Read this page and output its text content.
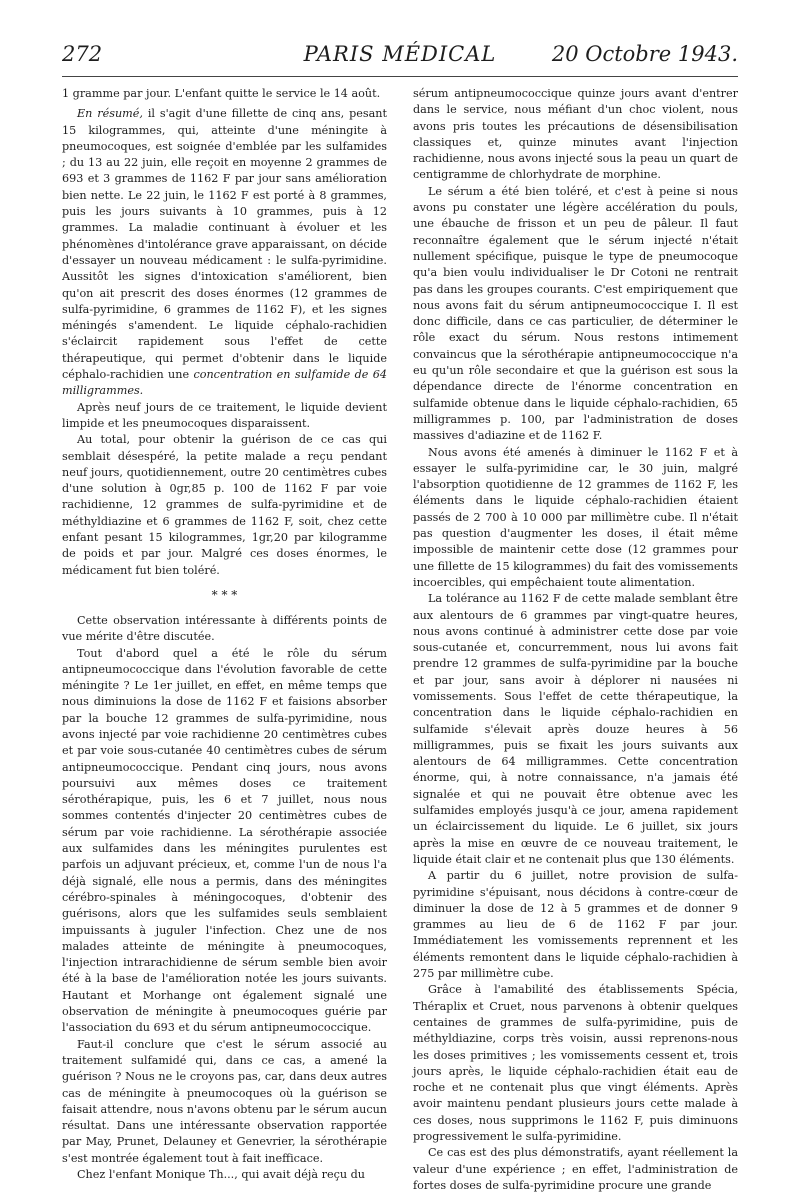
272	PARIS MÉDICAL	20 Octobre 1943.

1 gramme par jour. L'enfant quitte le service le 14 août.

En résumé, il s'agit d'une fillette de cinq ans, pesant 15 kilogrammes, qui, atteinte d'une méningite à pneumocoques, est soignée d'emblée par les sulfamides ; du 13 au 22 juin, elle reçoit en moyenne 2 grammes de 693 et 3 grammes de 1162 F par jour sans amélioration bien nette. Le 22 juin, le 1162 F est porté à 8 grammes, puis les jours suivants à 10 grammes, puis à 12 grammes. La maladie continuant à évoluer et les phénomènes d'intolérance grave apparaissant, on décide d'essayer un nouveau médicament : le sulfa-pyrimidine. Aussitôt les signes d'intoxication s'améliorent, bien qu'on ait prescrit des doses énormes (12 grammes de sulfa-pyrimidine, 6 grammes de 1162 F), et les signes méningés s'amendent. Le liquide céphalo-rachidien s'éclaircit rapidement sous l'effet de cette thérapeutique, qui permet d'obtenir dans le liquide céphalo-rachidien une concentration en sulfamide de 64 milligrammes.

Après neuf jours de ce traitement, le liquide devient limpide et les pneumocoques disparaissent.

Au total, pour obtenir la guérison de ce cas qui semblait désespéré, la petite malade a reçu pendant neuf jours, quotidiennement, outre 20 centimètres cubes d'une solution à 0gr,85 p. 100 de 1162 F par voie rachidienne, 12 grammes de sulfa-pyrimidine et de méthyldiazine et 6 grammes de 1162 F, soit, chez cette enfant pesant 15 kilogrammes, 1gr,20 par kilogramme de poids et par jour. Malgré ces doses énormes, le médicament fut bien toléré.

* * *

Cette observation intéressante à différents points de vue mérite d'être discutée.

Tout d'abord quel a été le rôle du sérum antipneumococcique dans l'évolution favorable de cette méningite ? Le 1er juillet, en effet, en même temps que nous diminuions la dose de 1162 F et faisions absorber par la bouche 12 grammes de sulfa-pyrimidine, nous avons injecté par voie rachidienne 20 centimètres cubes et par voie sous-cutanée 40 centimètres cubes de sérum antipneumococcique. Pendant cinq jours, nous avons poursuivi aux mêmes doses ce traitement sérothérapique, puis, les 6 et 7 juillet, nous nous sommes contentés d'injecter 20 centimètres cubes de sérum par voie rachidienne. La sérothérapie associée aux sulfamides dans les méningites purulentes est parfois un adjuvant précieux, et, comme l'un de nous l'a déjà signalé, elle nous a permis, dans des méningites cérébro-spinales à méningocoques, d'obtenir des guérisons, alors que les sulfamides seuls semblaient impuissants à juguler l'infection. Chez une de nos malades atteinte de méningite à pneumocoques, l'injection intrarachidienne de sérum semble bien avoir été à la base de l'amélioration notée les jours suivants. Hautant et Morhange ont également signalé une observation de méningite à pneumocoques guérie par l'association du 693 et du sérum antipneumococcique.

Faut-il conclure que c'est le sérum associé au traitement sulfamidé qui, dans ce cas, a amené la guérison ? Nous ne le croyons pas, car, dans deux autres cas de méningite à pneumocoques où la guérison se faisait attendre, nous n'avons obtenu par le sérum aucun résultat. Dans une intéressante observation rapportée par May, Prunet, Delauney et Genevrier, la sérothérapie s'est montrée également tout à fait inefficace.

Chez l'enfant Monique Th..., qui avait déjà reçu du

sérum antipneumococcique quinze jours avant d'entrer dans le service, nous méfiant d'un choc violent, nous avons pris toutes les précautions de désensibilisation classiques et, quinze minutes avant l'injection rachidienne, nous avons injecté sous la peau un quart de centigramme de chlorhydrate de morphine.

Le sérum a été bien toléré, et c'est à peine si nous avons pu constater une légère accélération du pouls, une ébauche de frisson et un peu de pâleur. Il faut reconnaître également que le sérum injecté n'était nullement spécifique, puisque le type de pneumocoque qu'a bien voulu individualiser le Dr Cotoni ne rentrait pas dans les groupes courants. C'est empiriquement que nous avons fait du sérum antipneumococcique I. Il est donc difficile, dans ce cas particulier, de déterminer le rôle exact du sérum. Nous restons intimement convaincus que la sérothérapie antipneumococcique n'a eu qu'un rôle secondaire et que la guérison est sous la dépendance directe de l'énorme concentration en sulfamide obtenue dans le liquide céphalo-rachidien, 65 milligrammes p. 100, par l'administration de doses massives d'adiazine et de 1162 F.

Nous avons été amenés à diminuer le 1162 F et à essayer le sulfa-pyrimidine car, le 30 juin, malgré l'absorption quotidienne de 12 grammes de 1162 F, les éléments dans le liquide céphalo-rachidien étaient passés de 2 700 à 10 000 par millimètre cube. Il n'était pas question d'augmenter les doses, il était même impossible de maintenir cette dose (12 grammes pour une fillette de 15 kilogrammes) du fait des vomissements incoercibles, qui empêchaient toute alimentation.

La tolérance au 1162 F de cette malade semblant être aux alentours de 6 grammes par vingt-quatre heures, nous avons continué à administrer cette dose par voie sous-cutanée et, concurremment, nous lui avons fait prendre 12 grammes de sulfa-pyrimidine par la bouche et par jour, sans avoir à déplorer ni nausées ni vomissements. Sous l'effet de cette thérapeutique, la concentration dans le liquide céphalo-rachidien en sulfamide s'élevait après douze heures à 56 milligrammes, puis se fixait les jours suivants aux alentours de 64 milligrammes. Cette concentration énorme, qui, à notre connaissance, n'a jamais été signalée et qui ne pouvait être obtenue avec les sulfamides employés jusqu'à ce jour, amena rapidement un éclaircissement du liquide. Le 6 juillet, six jours après la mise en œuvre de ce nouveau traitement, le liquide était clair et ne contenait plus que 130 éléments.

A partir du 6 juillet, notre provision de sulfa-pyrimidine s'épuisant, nous décidons à contre-cœur de diminuer la dose de 12 à 5 grammes et de donner 9 grammes au lieu de 6 de 1162 F par jour. Immédiatement les vomissements reprennent et les éléments remontent dans le liquide céphalo-rachidien à 275 par millimètre cube.

Grâce à l'amabilité des établissements Spécia, Théraplix et Cruet, nous parvenons à obtenir quelques centaines de grammes de sulfa-pyrimidine, puis de méthyldiazine, corps très voisin, aussi reprenons-nous les doses primitives ; les vomissements cessent et, trois jours après, le liquide céphalo-rachidien était eau de roche et ne contenait plus que vingt éléments. Après avoir maintenu pendant plusieurs jours cette malade à ces doses, nous supprimons le 1162 F, puis diminuons progressivement le sulfa-pyrimidine.

Ce cas est des plus démonstratifs, ayant réellement la valeur d'une expérience ; en effet, l'administration de fortes doses de sulfa-pyrimidine procure une grande
